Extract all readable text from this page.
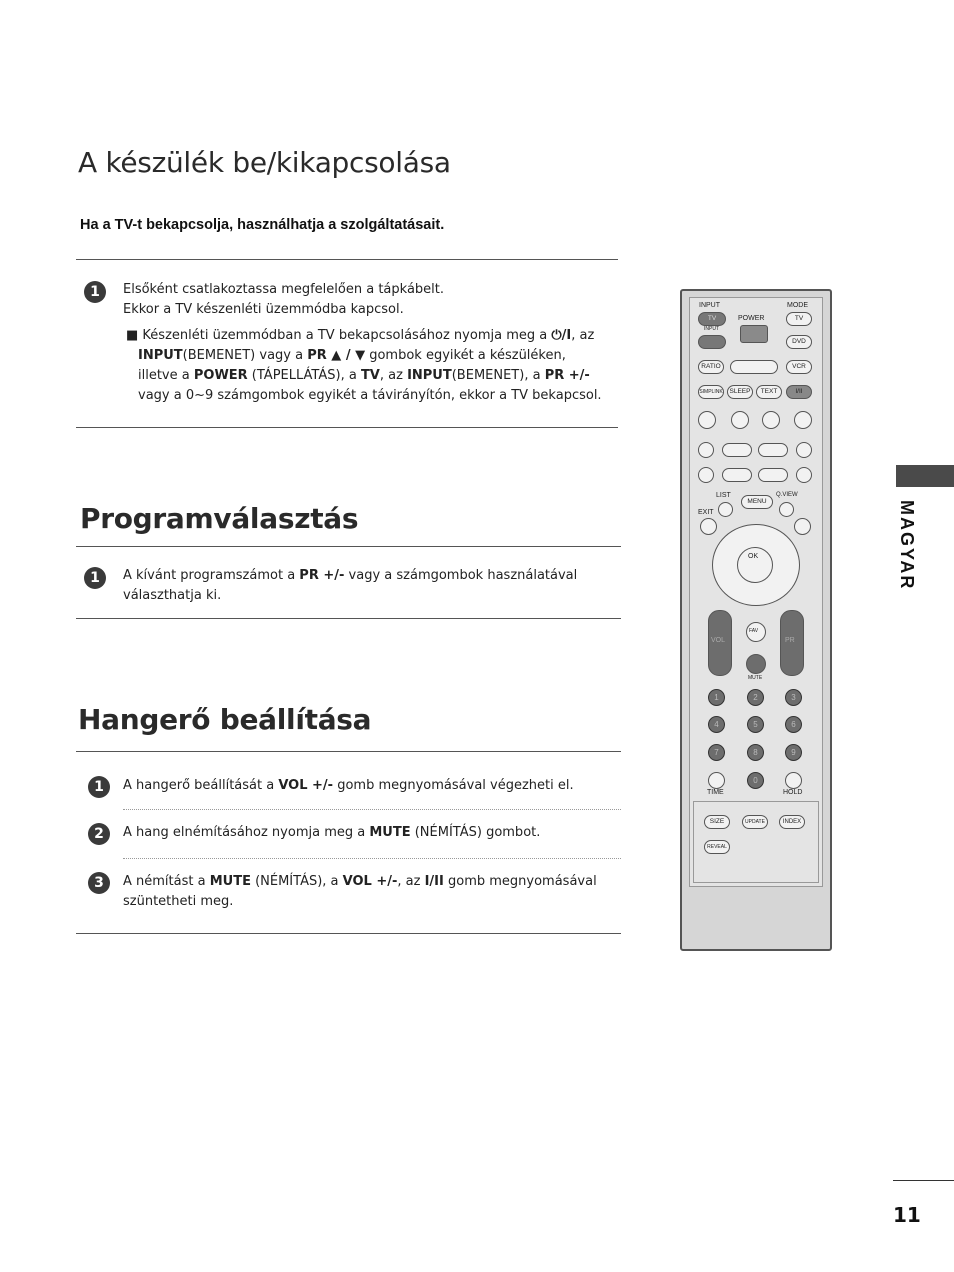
A készülék be/kikapcsolása
Ha a TV-t bekapcsolja, használhatja a szolgáltatásait.
1	Elsőként csatlakoztassa megfelelően a tápkábelt.
Ekkor a TV készenléti üzemmódba kapcsol.
■ Készenléti üzemmódban a TV bekapcsolásához nyomja meg a ⏻/I, az
INPUT(BEMENET) vagy a PR ▲ / ▼ gombok egyikét a készüléken,
illetve a POWER (TÁPELLÁTÁS), a TV, az INPUT(BEMENET), a PR +/-
vagy a 0~9 számgombok egyikét a távirányítón, ekkor a TV bekapcsol.
Programválasztás
1	A kívánt programszámot a PR +/- vagy a számgombok használatával
választhatja ki.
Hangerő beállítása
1	A hangerő beállítását a VOL +/- gomb megnyomásával végezheti el.
2	A hang elnémításához nyomja meg a MUTE (NÉMÍTÁS) gombot.
3	A némítást a MUTE (NÉMÍTÁS), a VOL +/-, az I/II gomb megnyomásával
szüntetheti meg.
MAGYAR
INPUT
POWER
MODE
TV	TV
INPUT
DVD
RATIO	VCR
SIMPLINK	SLEEP	TEXT	I/II
LIST	Q.VIEW
MENU
EXIT
OK
VOL	PR
FAV
MUTE
1	2	3
4	5	6
7	8	9
0
TIME	HOLD
SIZE	UPDATE	INDEX
REVEAL
11
